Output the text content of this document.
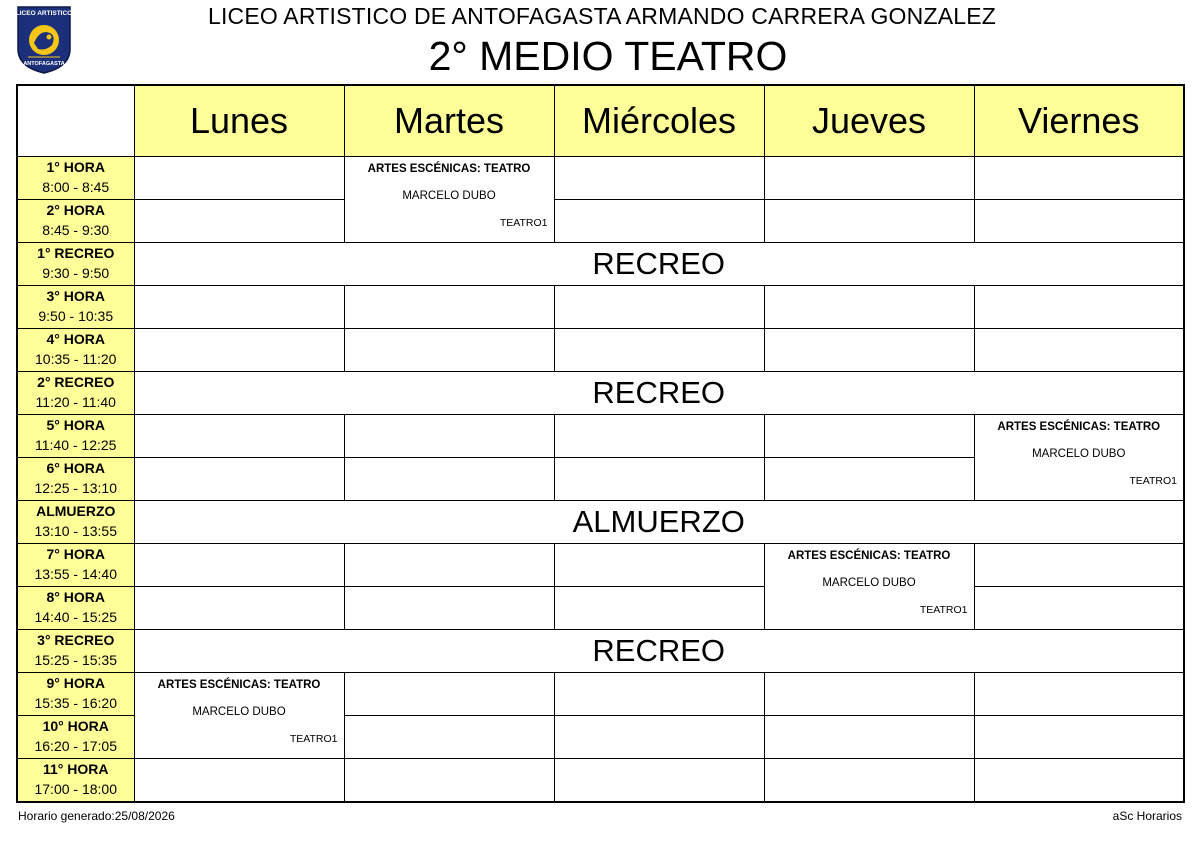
LICEO ARTISTICO
ANTOFAGASTA
LICEO ARTISTICO DE ANTOFAGASTA ARMANDO CARRERA GONZALEZ
2° MEDIO TEATRO
	Lunes	Martes	Miércoles	Jueves	Viernes

1° HORA
8:00 - 8:45		ARTES ESCÉNICAS: TEATRO
MARCELO DUBO
TEATRO1			

2° HORA
8:45 - 9:30					

1° RECREO
9:30 - 9:50	RECREO				

3° HORA
9:50 - 10:35					

4° HORA
10:35 - 11:20					

2° RECREO
11:20 - 11:40	RECREO				

5° HORA
11:40 - 12:25					ARTES ESCÉNICAS: TEATRO
MARCELO DUBO
TEATRO1

6° HORA
12:25 - 13:10					

ALMUERZO
13:10 - 13:55	ALMUERZO				

7° HORA
13:55 - 14:40				ARTES ESCÉNICAS: TEATRO
MARCELO DUBO
TEATRO1	

8° HORA
14:40 - 15:25					

3° RECREO
15:25 - 15:35	RECREO				

9° HORA
15:35 - 16:20	ARTES ESCÉNICAS: TEATRO
MARCELO DUBO
TEATRO1				

10° HORA
16:20 - 17:05					

11° HORA
17:00 - 18:00					

Horario generado:25/08/2026	aSc Horarios
